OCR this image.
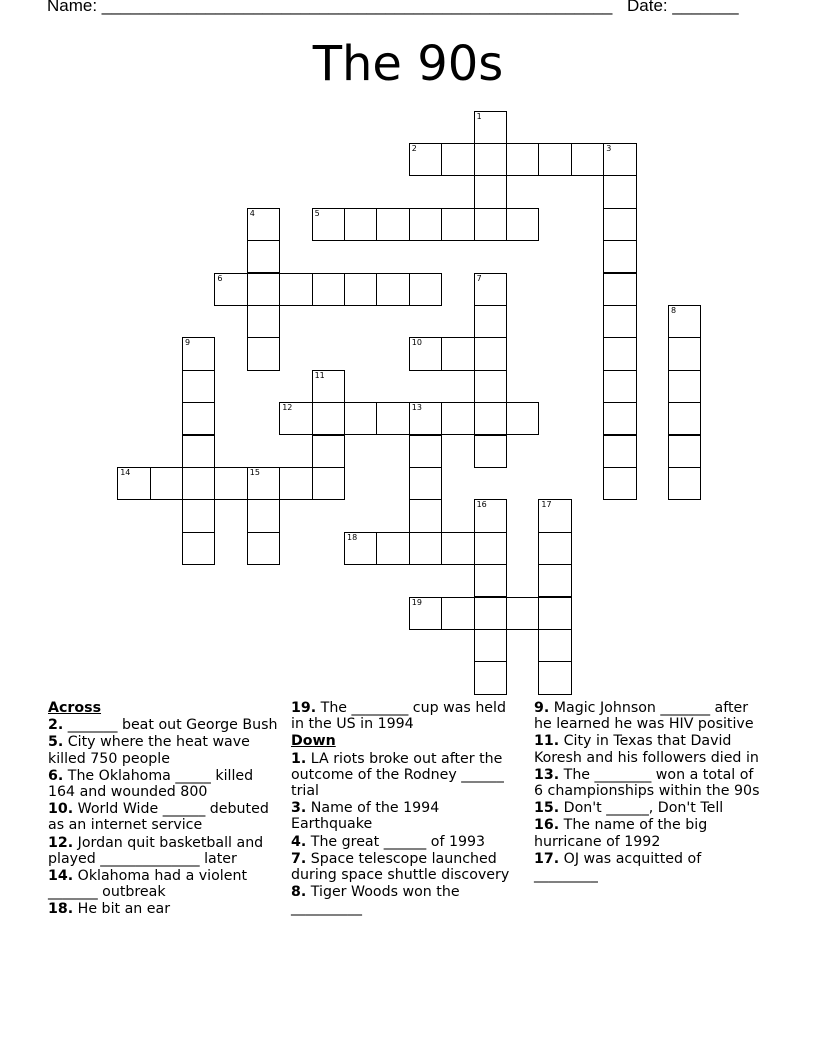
Name: ______________________________________________________ Date: _______
The 90s
1
2	3
4	5
6	7
8
9	10
11
12	13
14	15
16	17
18
19
Across
2. _______ beat out George Bush
5. City where the heat wave killed 750 people
6. The Oklahoma _____ killed 164 and wounded 800
10. World Wide ______ debuted as an internet service
12. Jordan quit basketball and played ______________ later
14. Oklahoma had a violent _______ outbreak
18. He bit an ear
19. The ________ cup was held in the US in 1994
Down
1. LA riots broke out after the outcome of the Rodney ______ trial
3. Name of the 1994 Earthquake
4. The great ______ of 1993
7. Space telescope launched during space shuttle discovery
8. Tiger Woods won the __________
9. Magic Johnson _______ after he learned he was HIV positive
11. City in Texas that David Koresh and his followers died in
13. The ________ won a total of 6 championships within the 90s
15. Don't ______, Don't Tell
16. The name of the big hurricane of 1992
17. OJ was acquitted of _________
